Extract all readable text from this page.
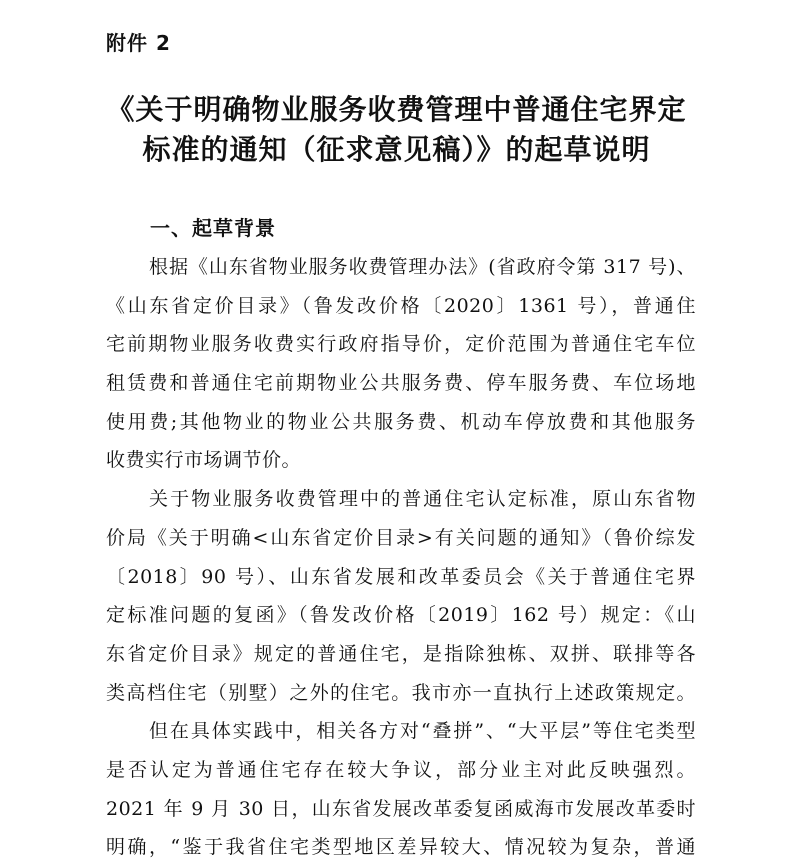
附件 2
《关于明确物业服务收费管理中普通住宅界定
标准的通知（征求意见稿）》的起草说明
一、起草背景
根据《山东省物业服务收费管理办法》(省政府令第 317 号)、
《山东省定价目录》（鲁发改价格〔2020〕1361 号），普通住
宅前期物业服务收费实行政府指导价，定价范围为普通住宅车位
租赁费和普通住宅前期物业公共服务费、停车服务费、车位场地
使用费;其他物业的物业公共服务费、机动车停放费和其他服务
收费实行市场调节价。
关于物业服务收费管理中的普通住宅认定标准，原山东省物
价局《关于明确<山东省定价目录>有关问题的通知》（鲁价综发
〔2018〕90 号）、山东省发展和改革委员会《关于普通住宅界
定标准问题的复函》（鲁发改价格〔2019〕162 号）规定：《山
东省定价目录》规定的普通住宅，是指除独栋、双拼、联排等各
类高档住宅（别墅）之外的住宅。我市亦一直执行上述政策规定。
但在具体实践中，相关各方对“叠拼”、“大平层”等住宅类型
是否认定为普通住宅存在较大争议，部分业主对此反映强烈。
2021 年 9 月 30 日，山东省发展改革委复函威海市发展改革委时
明确，“鉴于我省住宅类型地区差异较大、情况较为复杂，普通
